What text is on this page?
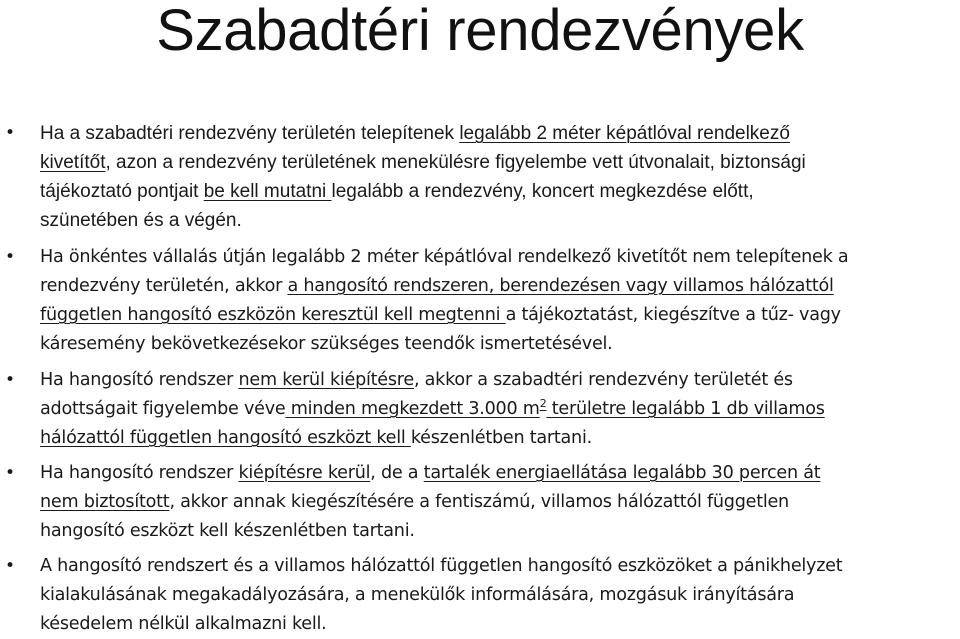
Szabadtéri rendezvények
• Ha a szabadtéri rendezvény területén telepítenek legalább 2 méter képátlóval rendelkező
kivetítőt, azon a rendezvény területének menekülésre figyelembe vett útvonalait, biztonsági
tájékoztató pontjait be kell mutatni legalább a rendezvény, koncert megkezdése előtt,
szünetében és a végén.
• Ha önkéntes vállalás útján legalább 2 méter képátlóval rendelkező kivetítőt nem telepítenek a
rendezvény területén, akkor a hangosító rendszeren, berendezésen vagy villamos hálózattól
független hangosító eszközön keresztül kell megtenni a tájékoztatást, kiegészítve a tűz- vagy
káresemény bekövetkezésekor szükséges teendők ismertetésével.
• Ha hangosító rendszer nem kerül kiépítésre, akkor a szabadtéri rendezvény területét és
adottságait figyelembe véve minden megkezdett 3.000 $m^2$ területre legalább 1 db villamos
hálózattól független hangosító eszközt kell készenlétben tartani.
• Ha hangosító rendszer kiépítésre kerül, de a tartalék energiaellátása legalább 30 percen át
nem biztosított, akkor annak kiegészítésére a fentiszámú, villamos hálózattól független
hangosító eszközt kell készenlétben tartani.
• A hangosító rendszert és a villamos hálózattól független hangosító eszközöket a pánikhelyzet
kialakulásának megakadályozására, a menekülők informálására, mozgásuk irányítására
késedelem nélkül alkalmazni kell.
